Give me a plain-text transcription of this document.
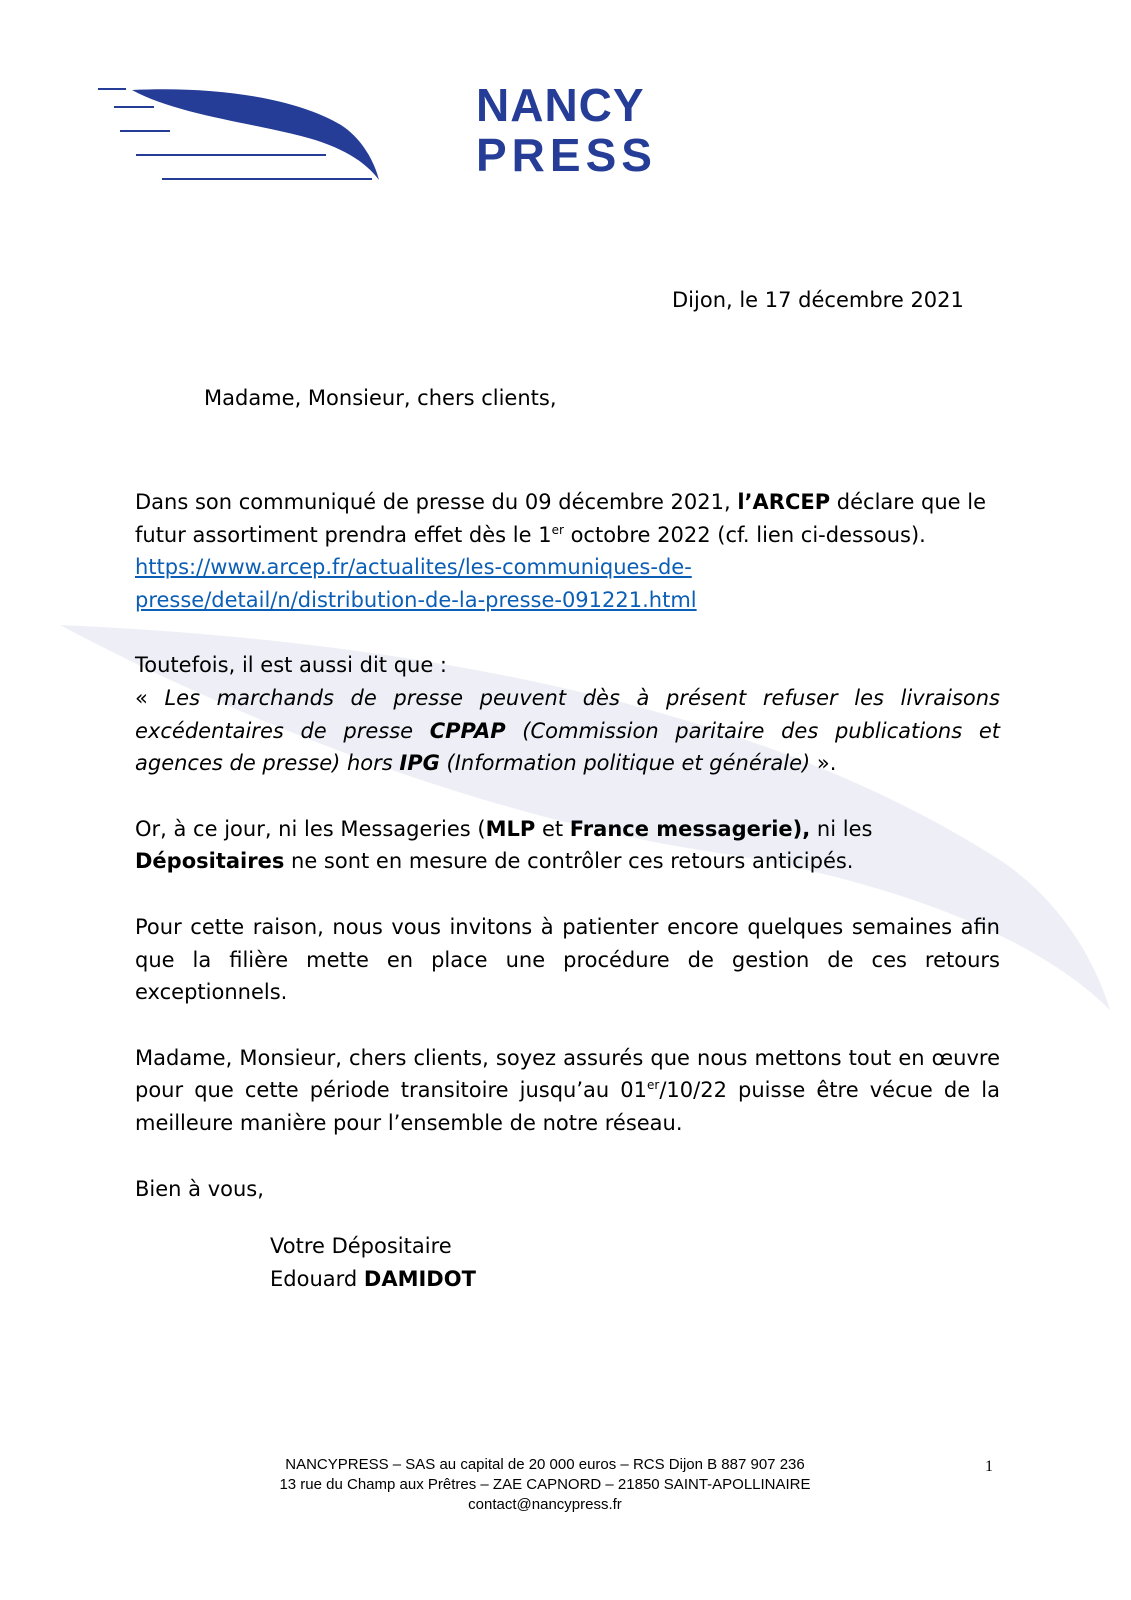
NANCY
PRESS
Dijon, le 17 décembre 2021
Madame, Monsieur, chers clients,

Dans son communiqué de presse du 09 décembre 2021, l’ARCEP déclare que le futur assortiment prendra effet dès le 1er octobre 2022 (cf. lien ci-dessous).
https://www.arcep.fr/actualites/les-communiques-de-
presse/detail/n/distribution-de-la-presse-091221.html

Toutefois, il est aussi dit que :

« Les marchands de presse peuvent dès à présent refuser les livraisons excédentaires de presse CPPAP (Commission paritaire des publications et agences de presse) hors IPG (Information politique et générale) ».

Or, à ce jour, ni les Messageries (MLP et France messagerie), ni les Dépositaires ne sont en mesure de contrôler ces retours anticipés.

Pour cette raison, nous vous invitons à patienter encore quelques semaines afin que la filière mette en place une procédure de gestion de ces retours exceptionnels.

Madame, Monsieur, chers clients, soyez assurés que nous mettons tout en œuvre pour que cette période transitoire jusqu’au 01er/10/22 puisse être vécue de la meilleure manière pour l’ensemble de notre réseau.

Bien à vous,

Votre Dépositaire
Edouard DAMIDOT
NANCYPRESS – SAS au capital de 20 000 euros – RCS Dijon B 887 907 236
13 rue du Champ aux Prêtres – ZAE CAPNORD – 21850 SAINT-APOLLINAIRE
contact@nancypress.fr
1
